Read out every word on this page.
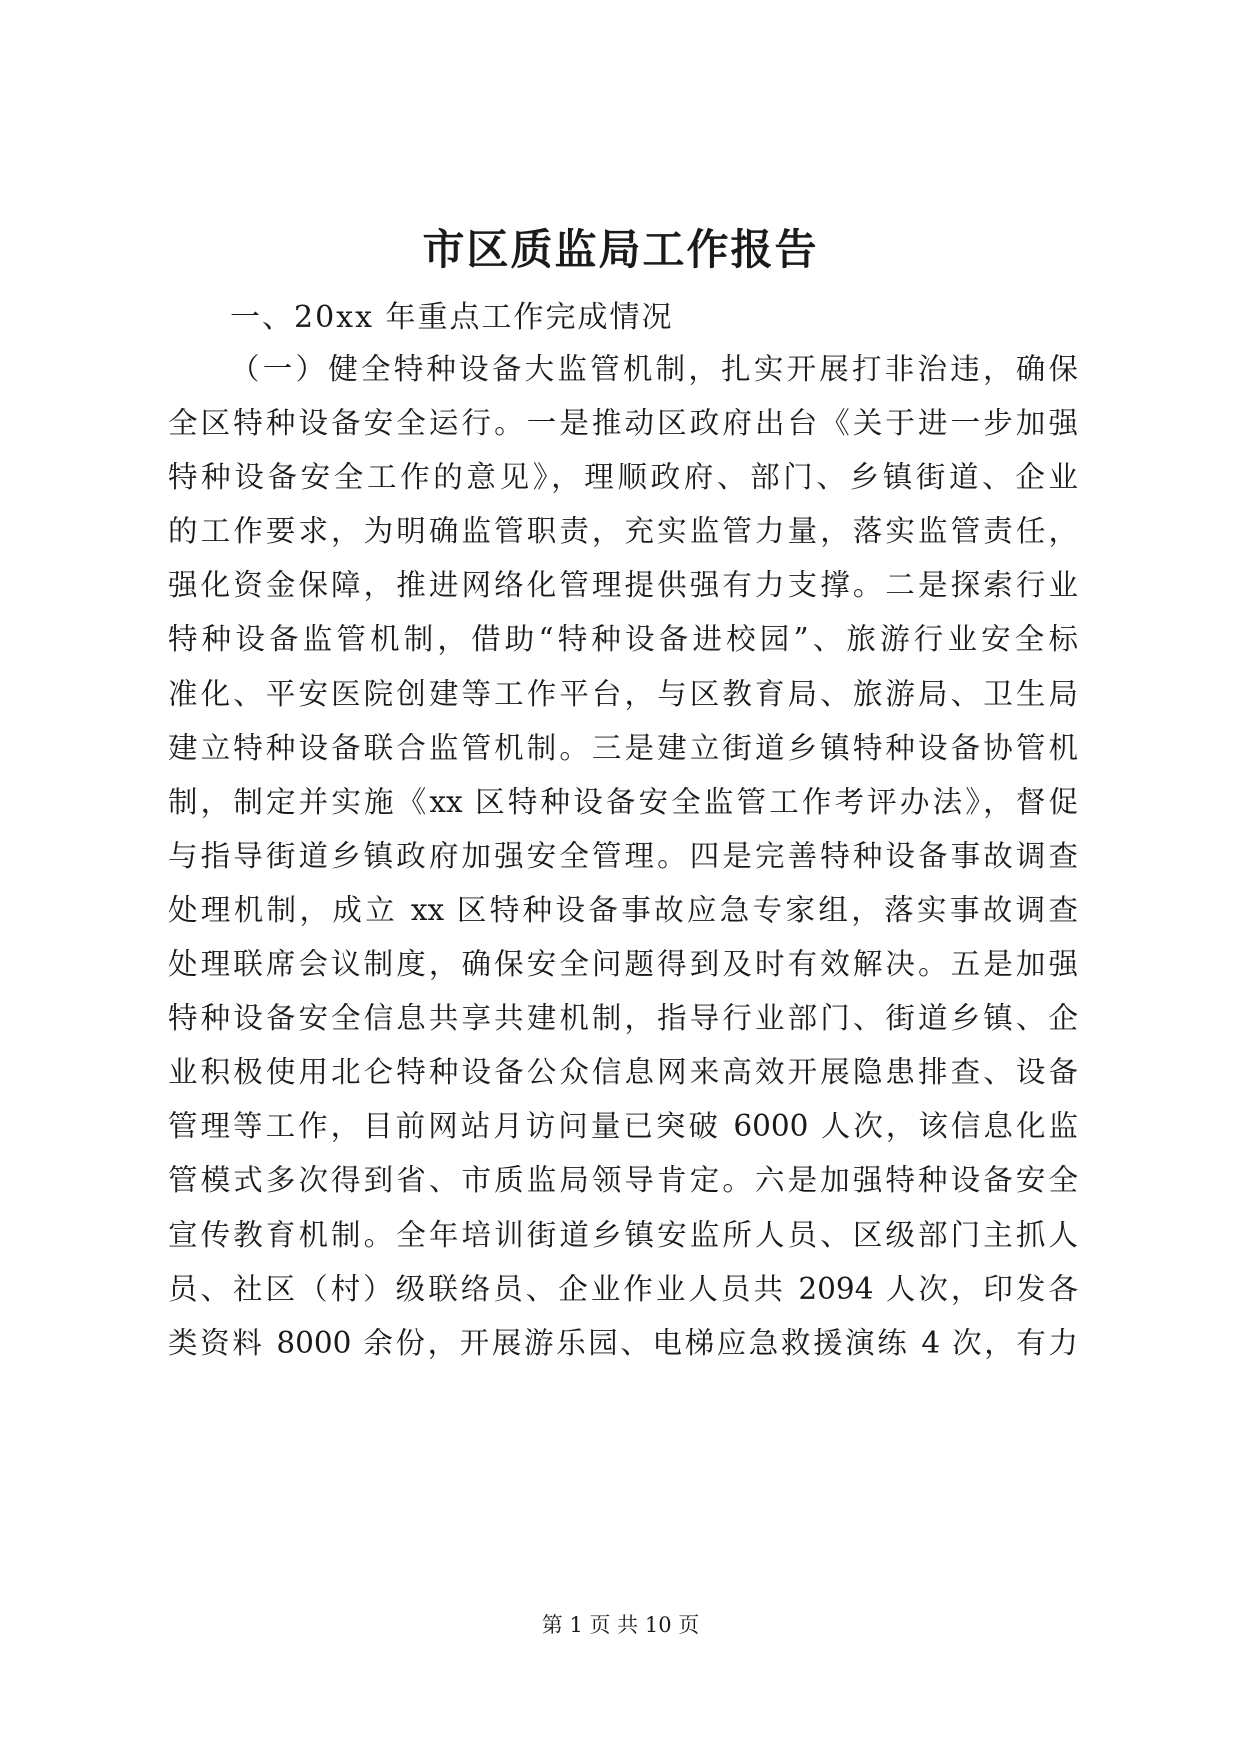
市区质监局工作报告
一、20xx 年重点工作完成情况
（一）健全特种设备大监管机制，扎实开展打非治违，确保
全区特种设备安全运行。一是推动区政府出台《关于进一步加强
特种设备安全工作的意见》，理顺政府、部门、乡镇街道、企业
的工作要求，为明确监管职责，充实监管力量，落实监管责任，
强化资金保障，推进网络化管理提供强有力支撑。二是探索行业
特种设备监管机制，借助“特种设备进校园”、旅游行业安全标
准化、平安医院创建等工作平台，与区教育局、旅游局、卫生局
建立特种设备联合监管机制。三是建立街道乡镇特种设备协管机
制，制定并实施《xx 区特种设备安全监管工作考评办法》，督促
与指导街道乡镇政府加强安全管理。四是完善特种设备事故调查
处理机制，成立 xx 区特种设备事故应急专家组，落实事故调查
处理联席会议制度，确保安全问题得到及时有效解决。五是加强
特种设备安全信息共享共建机制，指导行业部门、街道乡镇、企
业积极使用北仑特种设备公众信息网来高效开展隐患排查、设备
管理等工作，目前网站月访问量已突破 6000 人次，该信息化监
管模式多次得到省、市质监局领导肯定。六是加强特种设备安全
宣传教育机制。全年培训街道乡镇安监所人员、区级部门主抓人
员、社区（村）级联络员、企业作业人员共 2094 人次，印发各
类资料 8000 余份，开展游乐园、电梯应急救援演练 4 次，有力
第 1 页 共 10 页
